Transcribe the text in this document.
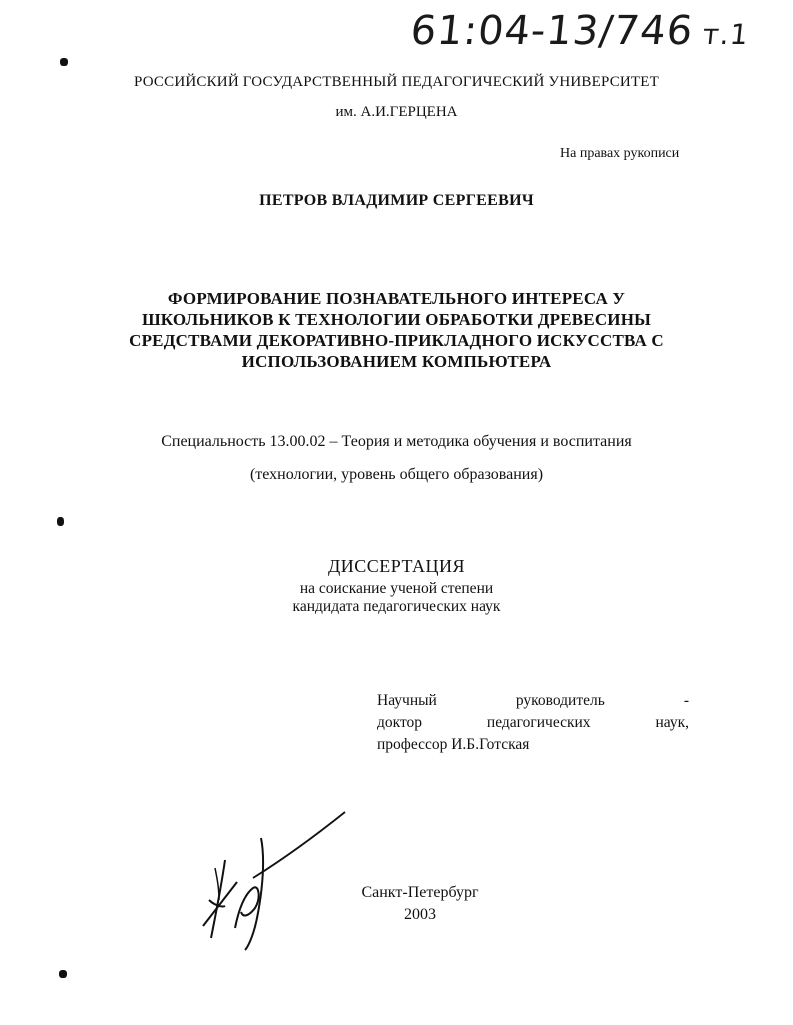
61:04-13/746 т.1
РОССИЙСКИЙ ГОСУДАРСТВЕННЫЙ ПЕДАГОГИЧЕСКИЙ УНИВЕРСИТЕТ
им. А.И.ГЕРЦЕНА
На правах рукописи
ПЕТРОВ ВЛАДИМИР СЕРГЕЕВИЧ
ФОРМИРОВАНИЕ ПОЗНАВАТЕЛЬНОГО ИНТЕРЕСА У
ШКОЛЬНИКОВ К ТЕХНОЛОГИИ ОБРАБОТКИ ДРЕВЕСИНЫ
СРЕДСТВАМИ ДЕКОРАТИВНО-ПРИКЛАДНОГО ИСКУССТВА С
ИСПОЛЬЗОВАНИЕМ КОМПЬЮТЕРА
Специальность 13.00.02 – Теория и методика обучения и воспитания
(технологии, уровень общего образования)
ДИССЕРТАЦИЯ
на соискание ученой степени
кандидата педагогических наук
Научный руководитель -
доктор педагогических наук,
профессор И.Б.Готская
Санкт-Петербург
2003
